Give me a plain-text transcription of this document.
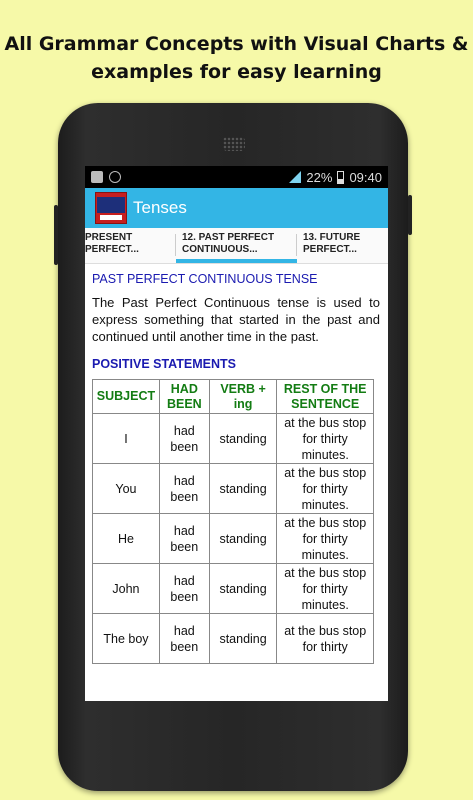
All Grammar Concepts with Visual Charts &
examples for easy learning
22% 09:40
Tenses
PRESENT
PERFECT...
12. PAST PERFECT
CONTINUOUS...
13. FUTURE
PERFECT...
PAST PERFECT CONTINUOUS TENSE
The Past Perfect Continuous tense is used to express something that started in the past and continued until another time in the past.
POSITIVE STATEMENTS
SUBJECT	HAD BEEN	VERB + ing	REST OF THE SENTENCE
I	had been	standing	at the bus stop for thirty minutes.
You	had been	standing	at the bus stop for thirty minutes.
He	had been	standing	at the bus stop for thirty minutes.
John	had been	standing	at the bus stop for thirty minutes.
The boy	had been	standing	at the bus stop for thirty
